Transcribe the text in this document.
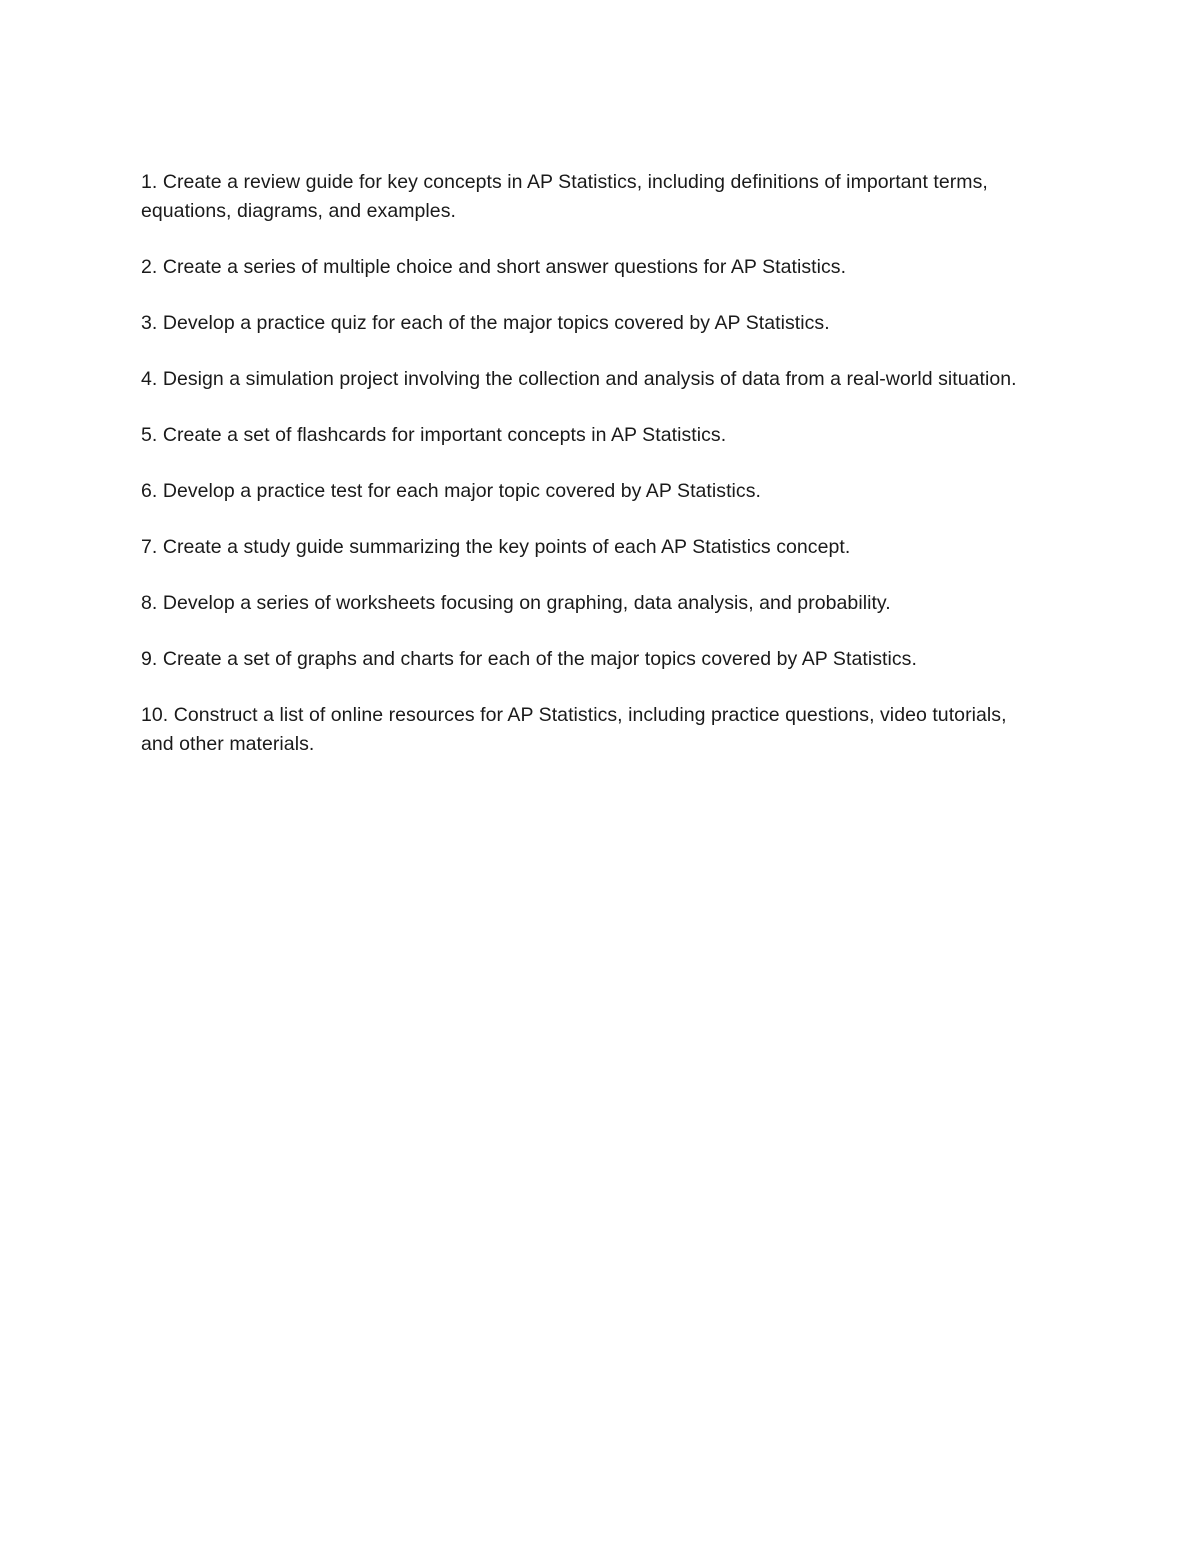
1. Create a review guide for key concepts in AP Statistics, including definitions of important terms, equations, diagrams, and examples.

2. Create a series of multiple choice and short answer questions for AP Statistics.

3. Develop a practice quiz for each of the major topics covered by AP Statistics.

4. Design a simulation project involving the collection and analysis of data from a real-world situation.

5. Create a set of flashcards for important concepts in AP Statistics.

6. Develop a practice test for each major topic covered by AP Statistics.

7. Create a study guide summarizing the key points of each AP Statistics concept.

8. Develop a series of worksheets focusing on graphing, data analysis, and probability.

9. Create a set of graphs and charts for each of the major topics covered by AP Statistics.

10. Construct a list of online resources for AP Statistics, including practice questions, video tutorials, and other materials.
